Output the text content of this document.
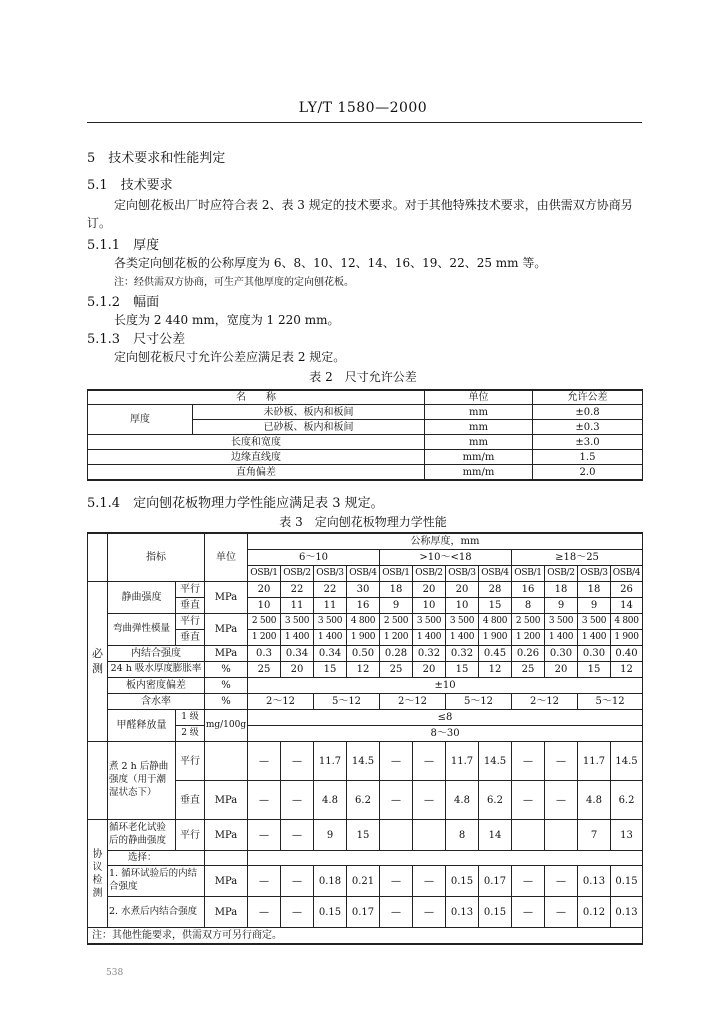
LY/T 1580—2000
5　技术要求和性能判定
5.1　技术要求
定向刨花板出厂时应符合表 2、表 3 规定的技术要求。对于其他特殊技术要求，由供需双方协商另
订。
5.1.1　厚度
各类定向刨花板的公称厚度为 6、8、10、12、14、16、19、22、25 mm 等。
注：经供需双方协商，可生产其他厚度的定向刨花板。
5.1.2　幅面
长度为 2 440 mm，宽度为 1 220 mm。
5.1.3　尺寸公差
定向刨花板尺寸允许公差应满足表 2 规定。
表 2　尺寸允许公差
名　　称		单位	允许公差
厚度	未砂板、板内和板间	mm	±0.8
	已砂板、板内和板间	mm	±0.3
长度和宽度		mm	±3.0
边缘直线度		mm/m	1.5
直角偏差		mm/m	2.0
5.1.4　定向刨花板物理力学性能应满足表 3 规定。
表 3　定向刨花板物理力学性能
	指标		单位	公称厚度，mm											
				6～10				>10～<18				≥18～25			
				OSB/1	OSB/2	OSB/3	OSB/4	OSB/1	OSB/2	OSB/3	OSB/4	OSB/1	OSB/2	OSB/3	OSB/4
必测	静曲强度	平行	MPa	20	22	22	30	18	20	20	28	16	18	18	26
		垂直		10	11	11	16	9	10	10	15	8	9	9	14
	弯曲弹性模量	平行	MPa	2 500	3 500	3 500	4 800	2 500	3 500	3 500	4 800	2 500	3 500	3 500	4 800
		垂直		1 200	1 400	1 400	1 900	1 200	1 400	1 400	1 900	1 200	1 400	1 400	1 900
	内结合强度		MPa	0.3	0.34	0.34	0.50	0.28	0.32	0.32	0.45	0.26	0.30	0.30	0.40
	24 h 吸水厚度膨胀率		%	25	20	15	12	25	20	15	12	25	20	15	12
	板内密度偏差		%	±10											
	含水率		%	2～12		5～12		2～12		5～12		2～12		5～12	
	甲醛释放量	1 级	mg/100g	≤8											
		2 级		8～30											
	煮 2 h 后静曲强度（用于潮湿状态下）	平行		—	—	11.7	14.5	—	—	11.7	14.5	—	—	11.7	14.5
		垂直	MPa	—	—	4.8	6.2	—	—	4.8	6.2	—	—	4.8	6.2
协议检测	循环老化试验后的静曲强度	平行	MPa	—	—	9	15			8	14			7	13
	选择：														
	1. 循环试验后的内结合强度		MPa	—	—	0.18	0.21	—	—	0.15	0.17	—	—	0.13	0.15
	2. 水煮后内结合强度		MPa	—	—	0.15	0.17	—	—	0.13	0.15	—	—	0.12	0.13
注：其他性能要求，供需双方可另行商定。															
538
